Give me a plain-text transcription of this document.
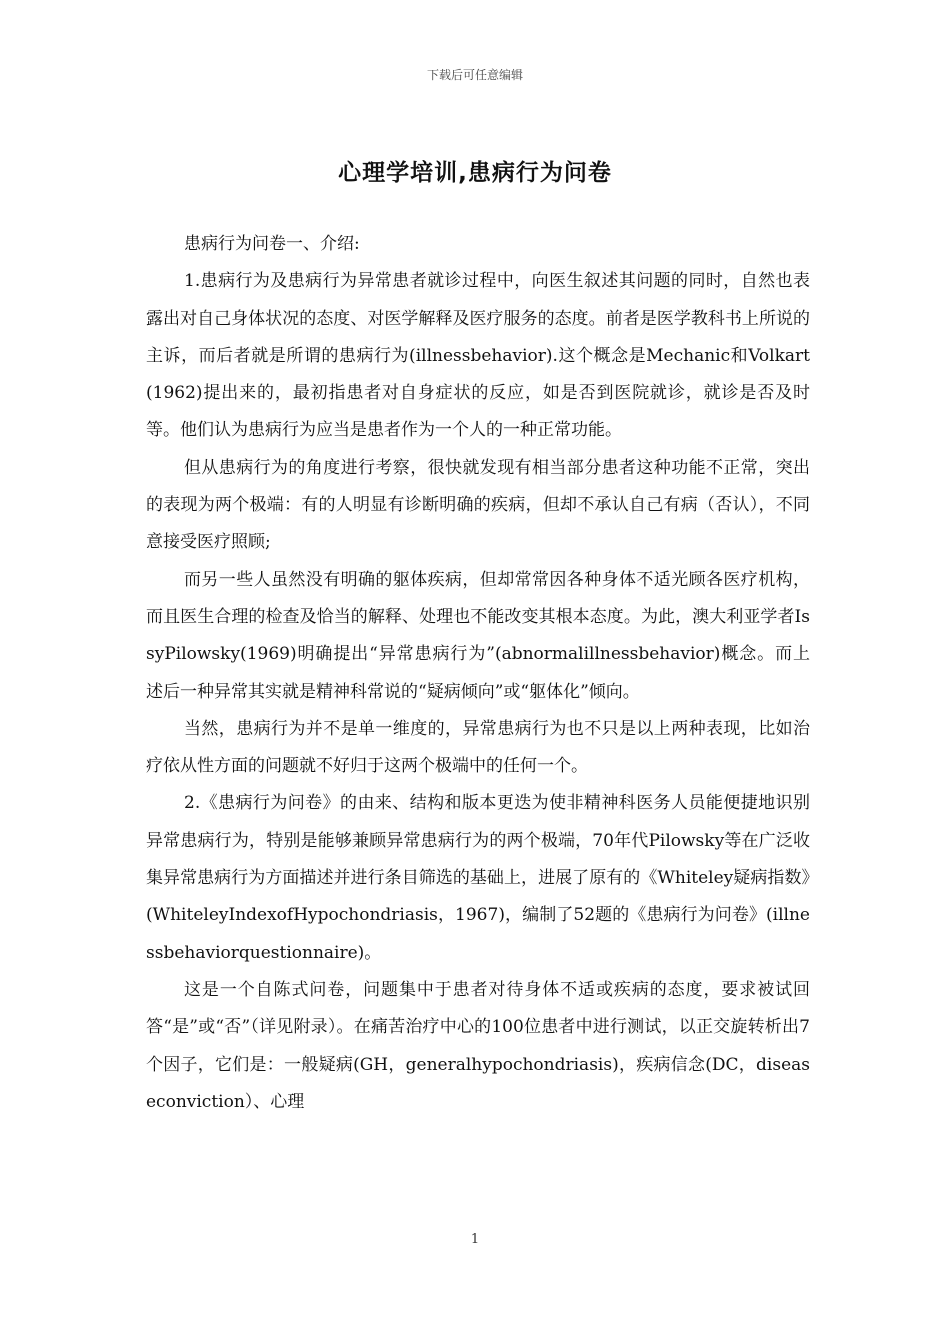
下载后可任意编辑
心理学培训,患病行为问卷

患病行为问卷一、介绍:

1.患病行为及患病行为异常患者就诊过程中，向医生叙述其问题的同时，自然也表露出对自己身体状况的态度、对医学解释及医疗服务的态度。前者是医学教科书上所说的主诉，而后者就是所谓的患病行为(illnessbehavior).这个概念是Mechanic和Volkart(1962)提出来的，最初指患者对自身症状的反应，如是否到医院就诊，就诊是否及时等。他们认为患病行为应当是患者作为一个人的一种正常功能。

但从患病行为的角度进行考察，很快就发现有相当部分患者这种功能不正常，突出的表现为两个极端：有的人明显有诊断明确的疾病，但却不承认自己有病（否认），不同意接受医疗照顾;

而另一些人虽然没有明确的躯体疾病，但却常常因各种身体不适光顾各医疗机构，而且医生合理的检查及恰当的解释、处理也不能改变其根本态度。为此，澳大利亚学者IssyPilowsky(1969)明确提出“异常患病行为”(abnormalillnessbehavior)概念。而上述后一种异常其实就是精神科常说的“疑病倾向”或“躯体化”倾向。

当然，患病行为并不是单一维度的，异常患病行为也不只是以上两种表现，比如治疗依从性方面的问题就不好归于这两个极端中的任何一个。

2.《患病行为问卷》的由来、结构和版本更迭为使非精神科医务人员能便捷地识别异常患病行为，特别是能够兼顾异常患病行为的两个极端，70年代Pilowsky等在广泛收集异常患病行为方面描述并进行条目筛选的基础上，进展了原有的《Whiteley疑病指数》(WhiteleyIndexofHypochondriasis，1967)，编制了52题的《患病行为问卷》(illnessbehaviorquestionnaire)。

这是一个自陈式问卷，问题集中于患者对待身体不适或疾病的态度，要求被试回答“是”或“否”（详见附录）。在痛苦治疗中心的100位患者中进行测试，以正交旋转析出7个因子，它们是：一般疑病(GH，generalhypochondriasis)，疾病信念(DC，diseaseconviction）、心理

1
